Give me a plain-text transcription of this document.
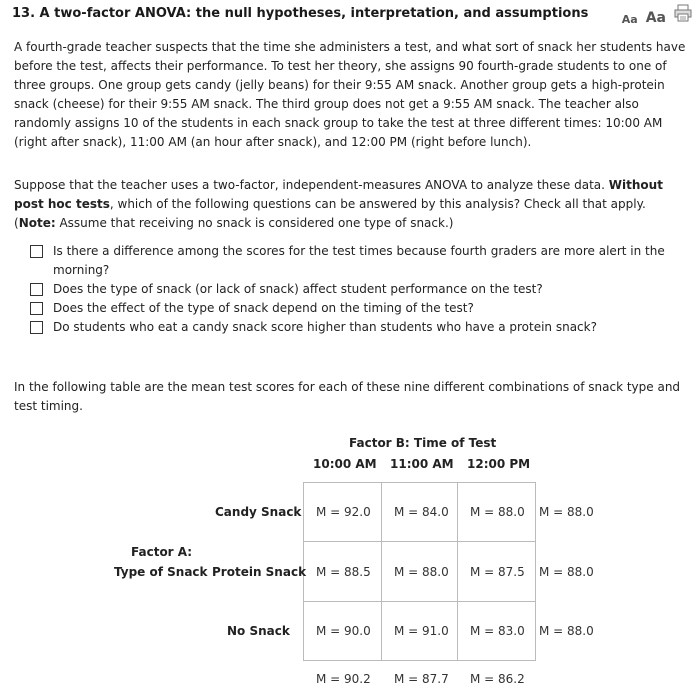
13. A two-factor ANOVA: the null hypotheses, interpretation, and assumptions	Aa Aa
A fourth-grade teacher suspects that the time she administers a test, and what sort of snack her students have before the test, affects their performance. To test her theory, she assigns 90 fourth-grade students to one of three groups. One group gets candy (jelly beans) for their 9:55 AM snack. Another group gets a high-protein snack (cheese) for their 9:55 AM snack. The third group does not get a 9:55 AM snack. The teacher also randomly assigns 10 of the students in each snack group to take the test at three different times: 10:00 AM (right after snack), 11:00 AM (an hour after snack), and 12:00 PM (right before lunch).
Suppose that the teacher uses a two-factor, independent-measures ANOVA to analyze these data. Without post hoc tests, which of the following questions can be answered by this analysis? Check all that apply. (Note: Assume that receiving no snack is considered one type of snack.)
Is there a difference among the scores for the test times because fourth graders are more alert in the morning?
Does the type of snack (or lack of snack) affect student performance on the test?
Does the effect of the type of snack depend on the timing of the test?
Do students who eat a candy snack score higher than students who have a protein snack?
In the following table are the mean test scores for each of these nine different combinations of snack type and test timing.
Factor B: Time of Test
10:00 AM 11:00 AM 12:00 PM
Candy Snack
Factor A:
Type of Snack Protein Snack
No Snack
M = 92.0 M = 84.0 M = 88.0 M = 88.0
M = 88.5 M = 88.0 M = 87.5 M = 88.0
M = 90.0 M = 91.0 M = 83.0 M = 88.0
M = 90.2 M = 87.7 M = 86.2
